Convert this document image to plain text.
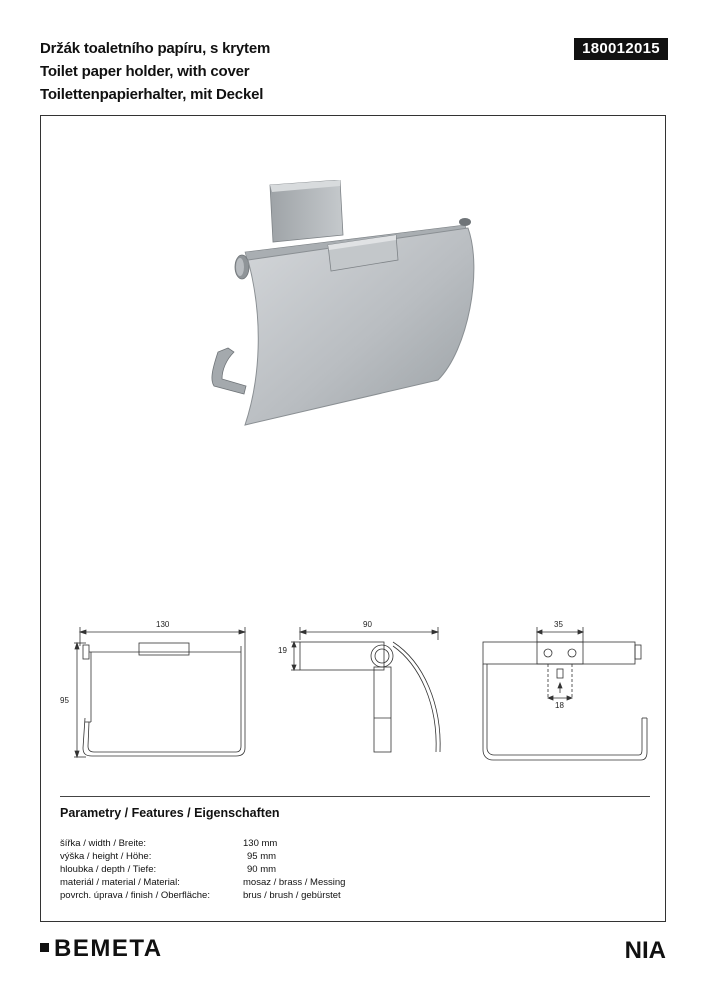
Držák toaletního papíru, s krytem
Toilet paper holder, with cover
Toilettenpapierhalter, mit Deckel
180012015
130
95
90
19
35
18
Parametry / Features / Eigenschaften
šířka / width / Breite:	130 mm
výška / height / Höhe:	95 mm
hloubka / depth / Tiefe:	90 mm
materiál / material / Material:	mosaz / brass / Messing
povrch. úprava / finish / Oberfläche:	brus / brush / gebürstet
BEMETA	NIA
